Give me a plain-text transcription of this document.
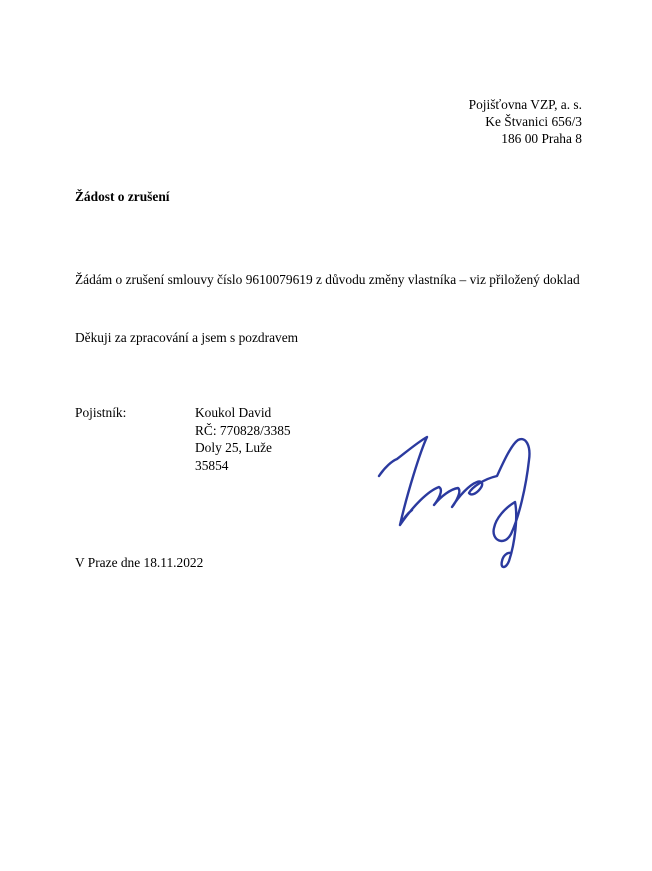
Pojišťovna VZP, a. s.
Ke Štvanici 656/3
186 00 Praha 8
Žádost o zrušení
Žádám o zrušení smlouvy číslo 9610079619 z důvodu změny vlastníka – viz přiložený doklad
Děkuji za zpracování a jsem s pozdravem
Pojistník:	Koukol David
RČ: 770828/3385
Doly 25, Luže
35854
V Praze dne 18.11.2022
